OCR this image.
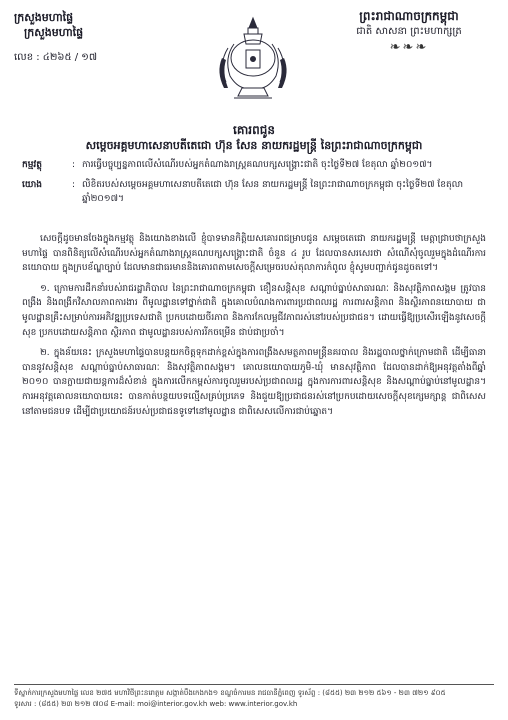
ក្រសួងមហាផ្ទៃ
ក្រសួងមហាផ្ទៃ
លេខ : ៤២៦៥ / ១៧
ព្រះរាជាណាចក្រកម្ពុជា
ជាតិ សាសនា ព្រះមហាក្សត្រ
❧❧❧
គោរពជូន
សម្ដេចអគ្គមហាសេនាបតីតេជោ ហ៊ុន សែន នាយករដ្ឋមន្ត្រី នៃព្រះរាជាណាចក្រកម្ពុជា
កម្មវត្ថុ	: ការធ្វើបច្ចុប្បន្នភាពលើសំណើរបស់អ្នកតំណាងរាស្ត្រគណបក្សសង្គ្រោះជាតិ ចុះថ្ងៃទី២៧ ខែតុលា ឆ្នាំ២០១៧។
យោង	: លិខិតរបស់សម្ដេចអគ្គមហាសេនាបតីតេជោ ហ៊ុន សែន នាយករដ្ឋមន្ត្រី នៃព្រះរាជាណាចក្រកម្ពុជា ចុះថ្ងៃទី២៧ ខែតុលា ឆ្នាំ២០១៧។

សេចក្ដីដូចមានចែងក្នុងកម្មវត្ថុ និងយោងខាងលើ ខ្ញុំបាទមានកិត្តិយសគោរពជម្រាបជូន សម្ដេចតេជោ នាយករដ្ឋមន្ត្រី មេត្តាជ្រាបថាក្រសួងមហាផ្ទៃ បានពិនិត្យលើសំណើរបស់អ្នកតំណាងរាស្ត្រគណបក្សសង្គ្រោះជាតិ ចំនួន ៤ រូប ដែលបានសរសេរថា សំណើសុំចូលរួមក្នុងដំណើរការនយោបាយ ក្នុងក្របខ័ណ្ឌច្បាប់ ដែលមានជាធរមាននិងគោរពតាមសេចក្ដីសម្រេចរបស់តុលាការកំពូល ខ្ញុំសូមបញ្ជាក់ជូនដូចតទៅ។

១. ក្រោមការដឹកនាំរបស់រាជរដ្ឋាភិបាល នៃព្រះរាជាណាចក្រកម្ពុជា ខឿនសន្តិសុខ សណ្ដាប់ធ្នាប់សាធារណៈ និងសុវត្ថិភាពសង្គម ត្រូវបានពង្រឹង និងពង្រីកវិសាលភាពការងារ ពីមូលដ្ឋានទៅថ្នាក់ជាតិ ក្នុងគោលបំណងការពារប្រជាពលរដ្ឋ ការពារសន្តិភាព និងស្ថិរភាពនយោបាយ ជាមូលដ្ឋានគ្រឹះសម្រាប់ការអភិវឌ្ឍប្រទេសជាតិ ប្រកបដោយចីរភាព និងការកែលម្អជីវភាពរស់នៅរបស់ប្រជាជន។ ដោយធ្វើឱ្យប្រសើរឡើងនូវសេចក្ដីសុខ ប្រកបដោយសន្តិភាព ស្ថិរភាព ជាមូលដ្ឋានរបស់ការរីកចម្រើន ជាប់ជាប្រចាំ។

២. ក្នុងន័យនេះ ក្រសួងមហាផ្ទៃបានបន្តយកចិត្តទុកដាក់ខ្ពស់ក្នុងការពង្រឹងសមត្ថភាពមន្ត្រីនគរបាល និងរដ្ឋបាលថ្នាក់ក្រោមជាតិ ដើម្បីធានាបាននូវសន្តិសុខ សណ្ដាប់ធ្នាប់សាធារណៈ និងសុវត្ថិភាពសង្គម។ គោលនយោបាយភូមិ-ឃុំ មានសុវត្ថិភាព ដែលបានដាក់ឱ្យអនុវត្តតាំងពីឆ្នាំ ២០១០ បានក្លាយជាយន្តការដ៏សំខាន់ ក្នុងការលើកកម្ពស់ការចូលរួមរបស់ប្រជាពលរដ្ឋ ក្នុងការការពារសន្តិសុខ និងសណ្ដាប់ធ្នាប់នៅមូលដ្ឋាន។ ការអនុវត្តគោលនយោបាយនេះ បានកាត់បន្ថយបទល្មើសគ្រប់ប្រភេទ និងជួយឱ្យប្រជាជនរស់នៅប្រកបដោយសេចក្ដីសុខក្សេមក្សាន្ត ជាពិសេសនៅតាមជនបទ ដើម្បីជាប្រយោជន៍របស់ប្រជាជនទូទៅនៅមូលដ្ឋាន ជាពិសេសលើការជាប់ឆ្នោត។

ទីស្នាក់ការក្រសួងមហាផ្ទៃ លេខ ២៧៥ មហាវិថីព្រះនរោត្តម សង្កាត់បឹងកេងកង១ ខណ្ឌចំការមន រាជធានីភ្នំពេញ ទូរស័ព្ទ : (៨៥៥) ២៣ ២១២ ៥៦១ - ២៣ ៧២១ ៩០៥
ទូរសារ : (៨៥៥) ២៣ ២១២ ៧០៨ E-mail: moi@interior.gov.kh web: www.interior.gov.kh
